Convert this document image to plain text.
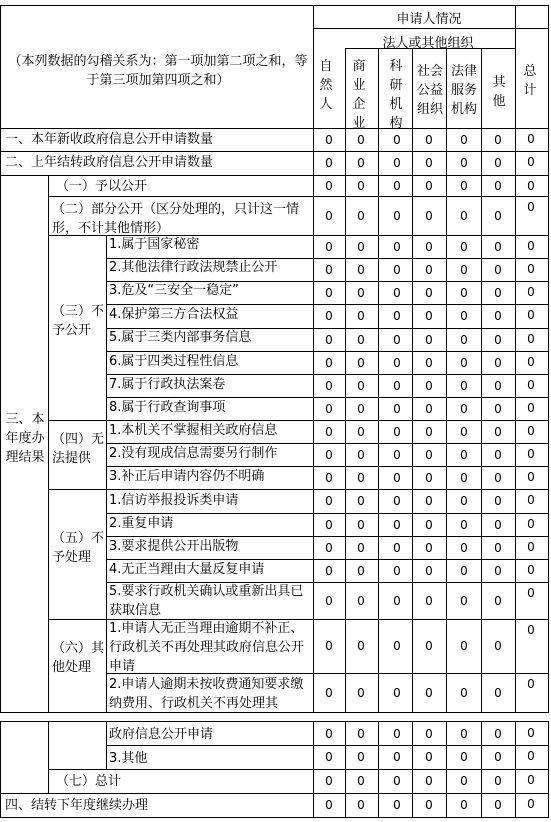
申请人情况
法人或其他组织
（本列数据的勾稽关系为：第一项加第二项之和，等于第三项加第四项之和）
自然人
商业企业
科研机构
社会公益组织
法律服务机构
其他
总计
一、本年新收政府信息公开申请数量
二、上年结转政府信息公开申请数量
三、本年度办理结果
（一）予以公开
（二）部分公开（区分处理的，只计这一情形，不计其他情形）
（三）不予公开
1.属于国家秘密
2.其他法律行政法规禁止公开
3.危及“三安全一稳定”
4.保护第三方合法权益
5.属于三类内部事务信息
6.属于四类过程性信息
7.属于行政执法案卷
8.属于行政查询事项
（四）无法提供
1.本机关不掌握相关政府信息
2.没有现成信息需要另行制作
3.补正后申请内容仍不明确
（五）不予处理
1.信访举报投诉类申请
2.重复申请
3.要求提供公开出版物
4.无正当理由大量反复申请
5.要求行政机关确认或重新出具已获取信息
（六）其他处理
1.申请人无正当理由逾期不补正、行政机关不再处理其政府信息公开申请
2.申请人逾期未按收费通知要求缴纳费用、行政机关不再处理其
政府信息公开申请
3.其他
（七）总计
四、结转下年度继续办理
0 0 0 0 0 0 0
0 0 0 0 0 0 0
0 0 0 0 0 0 0
0 0 0 0 0 0
0
0 0 0 0 0 0 0
0 0 0 0 0 0 0
0 0 0 0 0 0 0
0 0 0 0 0 0 0
0 0 0 0 0 0 0
0 0 0 0 0 0 0
0 0 0 0 0 0 0
0 0 0 0 0 0 0
0 0 0 0 0 0 0
0 0 0 0 0 0 0
0 0 0 0 0 0 0
0 0 0 0 0 0 0
0 0 0 0 0 0 0
0 0 0 0 0 0 0
0 0 0 0 0 0 0
0 0 0 0 0 0
0
0 0 0 0 0 0
0
0 0 0 0 0 0
0
0 0 0 0 0 0 0
0 0 0 0 0 0 0
0 0 0 0 0 0 0
0 0 0 0 0 0 0
